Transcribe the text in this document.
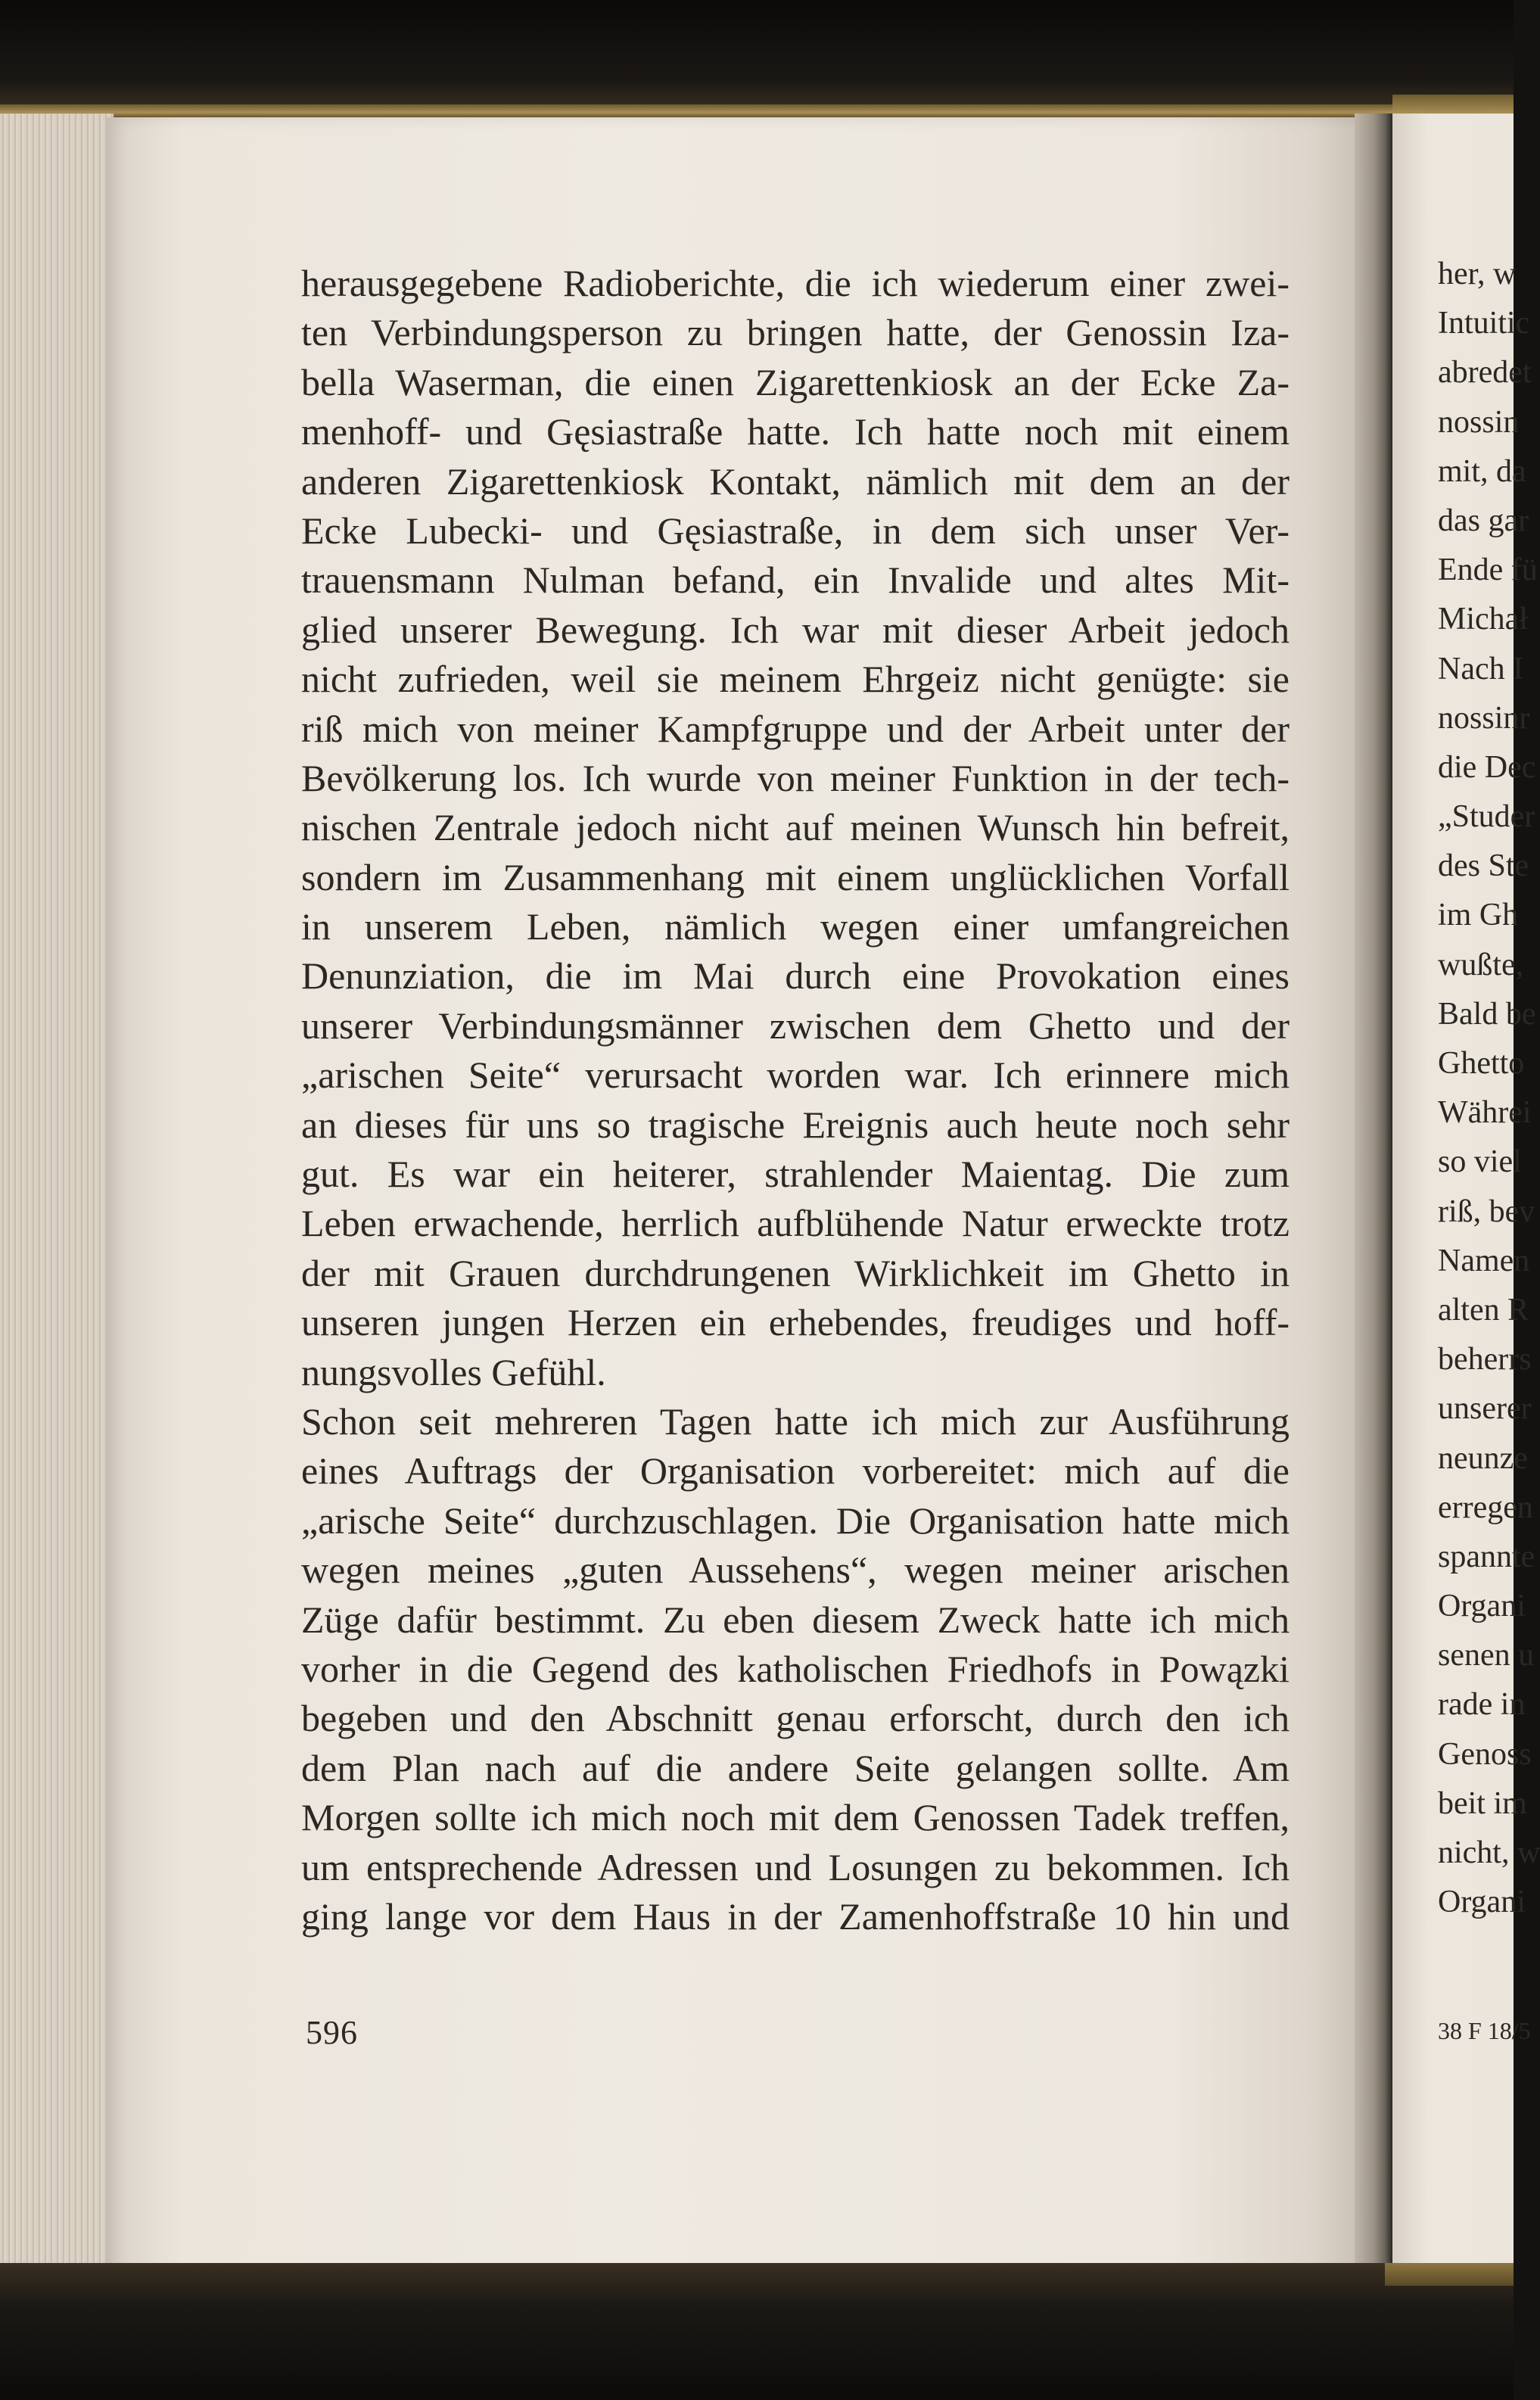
herausgegebene Radioberichte, die ich wiederum einer zwei-
ten Verbindungsperson zu bringen hatte, der Genossin Iza-
bella Waserman, die einen Zigarettenkiosk an der Ecke Za-
menhoff- und Gęsiastraße hatte. Ich hatte noch mit einem
anderen Zigarettenkiosk Kontakt, nämlich mit dem an der
Ecke Lubecki- und Gęsiastraße, in dem sich unser Ver-
trauensmann Nulman befand, ein Invalide und altes Mit-
glied unserer Bewegung. Ich war mit dieser Arbeit jedoch
nicht zufrieden, weil sie meinem Ehrgeiz nicht genügte: sie
riß mich von meiner Kampfgruppe und der Arbeit unter der
Bevölkerung los. Ich wurde von meiner Funktion in der tech-
nischen Zentrale jedoch nicht auf meinen Wunsch hin befreit,
sondern im Zusammenhang mit einem unglücklichen Vorfall
in unserem Leben, nämlich wegen einer umfangreichen
Denunziation, die im Mai durch eine Provokation eines
unserer Verbindungsmänner zwischen dem Ghetto und der
„arischen Seite“ verursacht worden war. Ich erinnere mich
an dieses für uns so tragische Ereignis auch heute noch sehr
gut. Es war ein heiterer, strahlender Maientag. Die zum
Leben erwachende, herrlich aufblühende Natur erweckte trotz
der mit Grauen durchdrungenen Wirklichkeit im Ghetto in
unseren jungen Herzen ein erhebendes, freudiges und hoff-
nungsvolles Gefühl.
Schon seit mehreren Tagen hatte ich mich zur Ausführung
eines Auftrags der Organisation vorbereitet: mich auf die
„arische Seite“ durchzuschlagen. Die Organisation hatte mich
wegen meines „guten Aussehens“, wegen meiner arischen
Züge dafür bestimmt. Zu eben diesem Zweck hatte ich mich
vorher in die Gegend des katholischen Friedhofs in Powązki
begeben und den Abschnitt genau erforscht, durch den ich
dem Plan nach auf die andere Seite gelangen sollte. Am
Morgen sollte ich mich noch mit dem Genossen Tadek treffen,
um entsprechende Adressen und Losungen zu bekommen. Ich
ging lange vor dem Haus in der Zamenhoffstraße 10 hin und
596
her, w
Intuitic
abredet
nossin
mit, da
das gar
Ende fü
Michał
Nach I
nossinr
die Dec
„Studer
des Ste
im Gh
wußte,
Bald be
Ghetto
Währei
so viel
riß, bev
Namen
alten R
beherrs
unserer
neunze
erregen
spannte
Organi
senen u
rade in
Genoss
beit im
nicht, w
Organi
38 F 18/5
